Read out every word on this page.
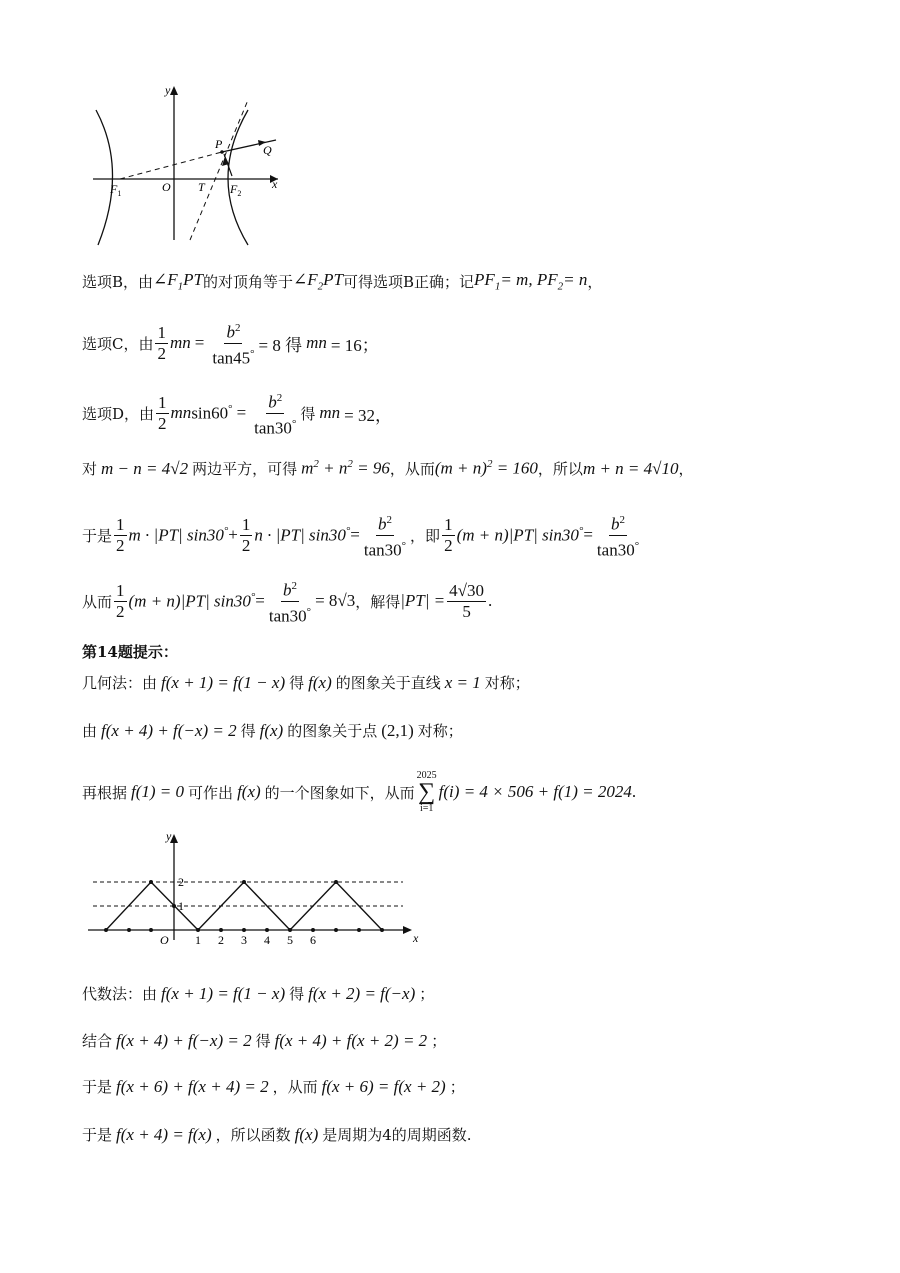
y
x
$F_1$	O T $F_2$
P	Q
选项B，由 $\angle F_1PT$ 的对顶角等于 $\angle F_2PT$ 可得选项B正确；记 $PF_1= m$, $PF_2= n$ ，
选项C，由 $\frac{1}{2}$ mn = $\frac{b^2}{\tan 45^\circ} = 8$ 得 mn = 16；
选项D，由 $\frac{1}{2}$ mn $\sin 60^\circ = \frac{b^2}{\tan 30^\circ}$ 得 mn = 32，
对 m − n = 4√2 两边平方，可得 $m^2 + n^2 = 96$ ，从而 $(m + n)^2 = 160$ ，所以 m + n = 4√10 ，
于是 $\frac{1}{2}$ m · |PT| $\sin 30^\circ + \frac{1}{2}$ n · |PT| $\sin 30^\circ = \frac{b^2}{\tan 30^\circ}$ ，即 $\frac{1}{2} (m + n)|PT|$ $\sin 30^\circ = \frac{b^2}{\tan 30^\circ}$
从而 $\frac{1}{2} (m + n)|PT|$ $\sin 30^\circ = \frac{b^2}{\tan 30^\circ} = 8√3$ ，解得 $|PT| = \frac{4√30}{5}$ .
第14题提示：
几何法：由 f(x + 1) = f(1 − x) 得 f(x) 的图象关于直线 x = 1 对称；
由 f(x + 4) + f(−x) = 2 得 f(x) 的图象关于点 (2,1) 对称；
再根据 f(1) = 0 可作出 f(x) 的一个图象如下，从而
2025
∑
i=1
f(i) = 4 × 506 + f(1) = 2024 .
y
x
2
1
O 1 2 3 4 5 6
代数法：由 f(x + 1) = f(1 − x) 得 f(x + 2) = f(−x) ；
结合 f(x + 4) + f(−x) = 2 得 f(x + 4) + f(x + 2) = 2 ；
于是 f(x + 6) + f(x + 4) = 2 ，从而 f(x + 6) = f(x + 2) ；
于是 f(x + 4) = f(x) ，所以函数 f(x) 是周期为4的周期函数.
